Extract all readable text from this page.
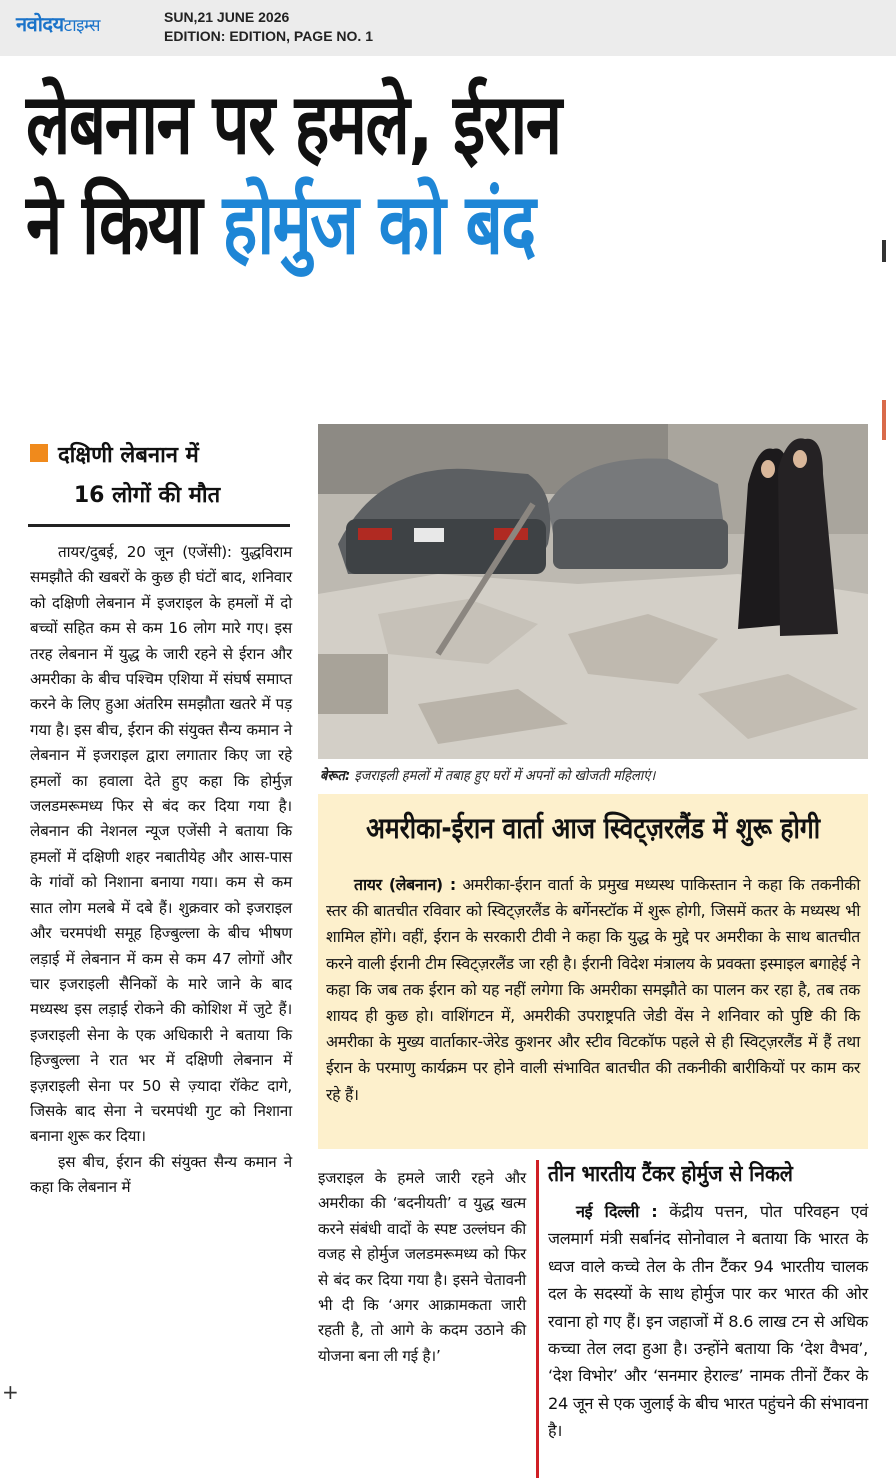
नवोदयटाइम्स	SUN,21 JUNE 2026
EDITION: EDITION, PAGE NO. 1
लेबनान पर हमले, ईरान
ने किया होर्मुज को बंद
बेरूत: इजराइली हमलों में तबाह हुए घरों में अपनों को खोजती महिलाएं।
दक्षिणी लेबनान में
16 लोगों की मौत

तायर/दुबई, 20 जून (एजेंसी): युद्धविराम समझौते की खबरों के कुछ ही घंटों बाद, शनिवार को दक्षिणी लेबनान में इजराइल के हमलों में दो बच्चों सहित कम से कम 16 लोग मारे गए। इस तरह लेबनान में युद्ध के जारी रहने से ईरान और अमरीका के बीच पश्चिम एशिया में संघर्ष समाप्त करने के लिए हुआ अंतरिम समझौता खतरे में पड़ गया है। इस बीच, ईरान की संयुक्त सैन्य कमान ने लेबनान में इजराइल द्वारा लगातार किए जा रहे हमलों का हवाला देते हुए कहा कि होर्मुज़ जलडमरूमध्य फिर से बंद कर दिया गया है। लेबनान की नेशनल न्यूज एजेंसी ने बताया कि हमलों में दक्षिणी शहर नबातीयेह और आस-पास के गांवों को निशाना बनाया गया। कम से कम सात लोग मलबे में दबे हैं। शुक्रवार को इजराइल और चरमपंथी समूह हिज्बुल्ला के बीच भीषण लड़ाई में लेबनान में कम से कम 47 लोगों और चार इजराइली सैनिकों के मारे जाने के बाद मध्यस्थ इस लड़ाई रोकने की कोशिश में जुटे हैं। इजराइली सेना के एक अधिकारी ने बताया कि हिज्बुल्ला ने रात भर में दक्षिणी लेबनान में इज़राइली सेना पर 50 से ज़्यादा रॉकेट दागे, जिसके बाद सेना ने चरमपंथी गुट को निशाना बनाना शुरू कर दिया।

इस बीच, ईरान की संयुक्त सैन्य कमान ने कहा कि लेबनान में

अमरीका-ईरान वार्ता आज स्विट्ज़रलैंड में शुरू होगी
तायर (लेबनान) : अमरीका-ईरान वार्ता के प्रमुख मध्यस्थ पाकिस्तान ने कहा कि तकनीकी स्तर की बातचीत रविवार को स्विट्ज़रलैंड के बर्गेनस्टॉक में शुरू होगी, जिसमें कतर के मध्यस्थ भी शामिल होंगे। वहीं, ईरान के सरकारी टीवी ने कहा कि युद्ध के मुद्दे पर अमरीका के साथ बातचीत करने वाली ईरानी टीम स्विट्ज़रलैंड जा रही है। ईरानी विदेश मंत्रालय के प्रवक्ता इस्माइल बगाहेई ने कहा कि जब तक ईरान को यह नहीं लगेगा कि अमरीका समझौते का पालन कर रहा है, तब तक शायद ही कुछ हो। वाशिंगटन में, अमरीकी उपराष्ट्रपति जेडी वेंस ने शनिवार को पुष्टि की कि अमरीका के मुख्य वार्ताकार-जेरेड कुशनर और स्टीव विटकॉफ पहले से ही स्विट्ज़रलैंड में हैं तथा ईरान के परमाणु कार्यक्रम पर होने वाली संभावित बातचीत की तकनीकी बारीकियों पर काम कर रहे हैं।
इजराइल के हमले जारी रहने और अमरीका की ‘बदनीयती’ व युद्ध खत्म करने संबंधी वादों के स्पष्ट उल्लंघन की वजह से होर्मुज जलडमरूमध्य को फिर से बंद कर दिया गया है। इसने चेतावनी भी दी कि ‘अगर आक्रामकता जारी रहती है, तो आगे के कदम उठाने की योजना बना ली गई है।’
तीन भारतीय टैंकर होर्मुज से निकले
नई दिल्ली : केंद्रीय पत्तन, पोत परिवहन एवं जलमार्ग मंत्री सर्बानंद सोनोवाल ने बताया कि भारत के ध्वज वाले कच्चे तेल के तीन टैंकर 94 भारतीय चालक दल के सदस्यों के साथ होर्मुज पार कर भारत की ओर रवाना हो गए हैं। इन जहाजों में 8.6 लाख टन से अधिक कच्चा तेल लदा हुआ है। उन्होंने बताया कि ‘देश वैभव’, ‘देश विभोर’ और ‘सनमार हेराल्ड’ नामक तीनों टैंकर के 24 जून से एक जुलाई के बीच भारत पहुंचने की संभावना है।
+
